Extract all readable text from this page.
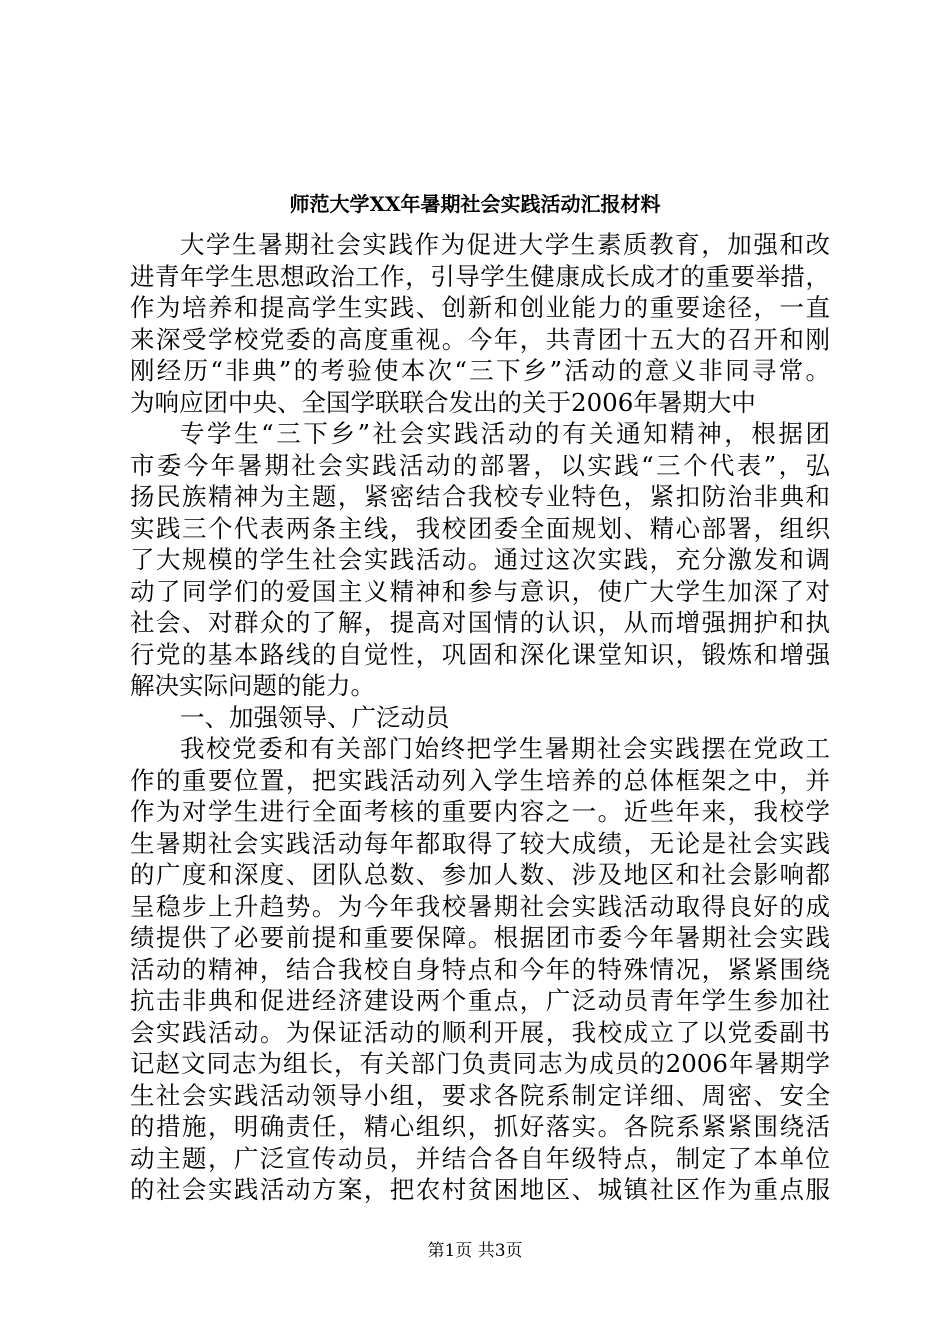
师范大学XX年暑期社会实践活动汇报材料
大学生暑期社会实践作为促进大学生素质教育，加强和改
进青年学生思想政治工作，引导学生健康成长成才的重要举措，
作为培养和提高学生实践、创新和创业能力的重要途径，一直
来深受学校党委的高度重视。今年，共青团十五大的召开和刚
刚经历“非典”的考验使本次“三下乡”活动的意义非同寻常。
为响应团中央、全国学联联合发出的关于2006年暑期大中
专学生“三下乡”社会实践活动的有关通知精神，根据团
市委今年暑期社会实践活动的部署，以实践“三个代表”，弘
扬民族精神为主题，紧密结合我校专业特色，紧扣防治非典和
实践三个代表两条主线，我校团委全面规划、精心部署，组织
了大规模的学生社会实践活动。通过这次实践，充分激发和调
动了同学们的爱国主义精神和参与意识，使广大学生加深了对
社会、对群众的了解，提高对国情的认识，从而增强拥护和执
行党的基本路线的自觉性，巩固和深化课堂知识，锻炼和增强
解决实际问题的能力。
一、加强领导、广泛动员
我校党委和有关部门始终把学生暑期社会实践摆在党政工
作的重要位置，把实践活动列入学生培养的总体框架之中，并
作为对学生进行全面考核的重要内容之一。近些年来，我校学
生暑期社会实践活动每年都取得了较大成绩，无论是社会实践
的广度和深度、团队总数、参加人数、涉及地区和社会影响都
呈稳步上升趋势。为今年我校暑期社会实践活动取得良好的成
绩提供了必要前提和重要保障。根据团市委今年暑期社会实践
活动的精神，结合我校自身特点和今年的特殊情况，紧紧围绕
抗击非典和促进经济建设两个重点，广泛动员青年学生参加社
会实践活动。为保证活动的顺利开展，我校成立了以党委副书
记赵文同志为组长，有关部门负责同志为成员的2006年暑期学
生社会实践活动领导小组，要求各院系制定详细、周密、安全
的措施，明确责任，精心组织，抓好落实。各院系紧紧围绕活
动主题，广泛宣传动员，并结合各自年级特点，制定了本单位
的社会实践活动方案，把农村贫困地区、城镇社区作为重点服
第1页 共3页
